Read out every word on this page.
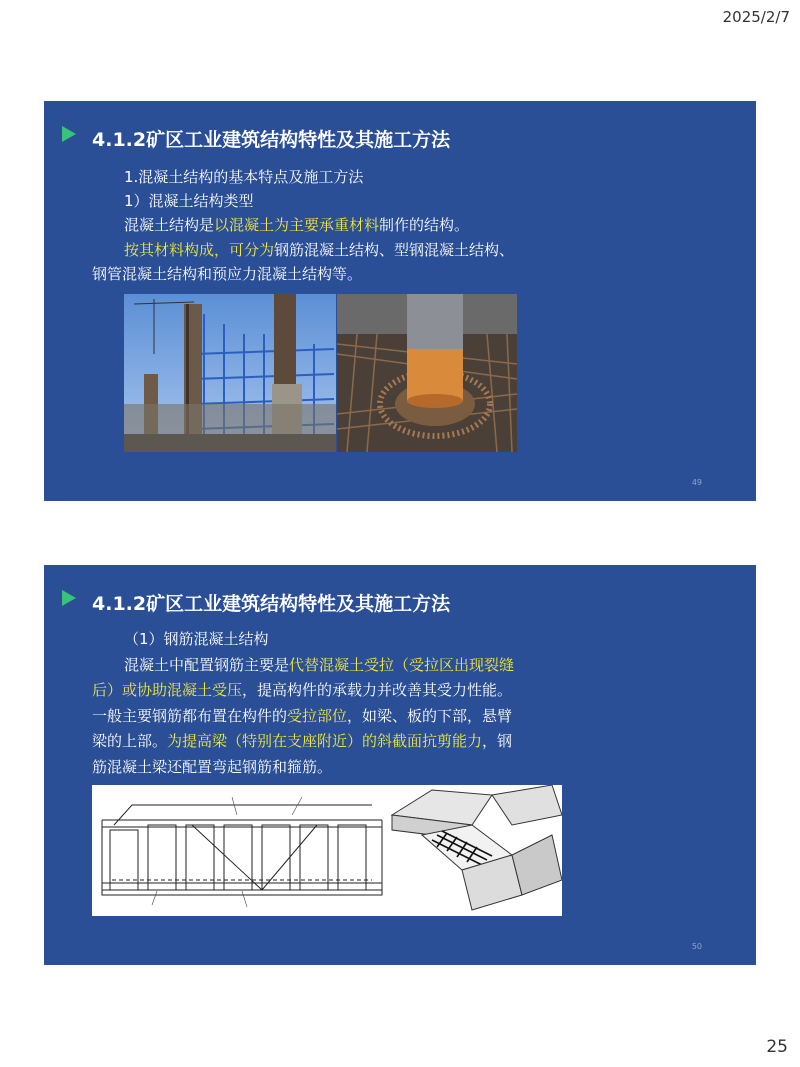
2025/2/7
4.1.2矿区工业建筑结构特性及其施工方法
1.混凝土结构的基本特点及施工方法
1）混凝土结构类型
混凝土结构是以混凝土为主要承重材料制作的结构。
按其材料构成，可分为钢筋混凝土结构、型钢混凝土结构、
钢管混凝土结构和预应力混凝土结构等。
49
4.1.2矿区工业建筑结构特性及其施工方法
（1）钢筋混凝土结构
混凝土中配置钢筋主要是代替混凝土受拉（受拉区出现裂缝
后）或协助混凝土受压，提高构件的承载力并改善其受力性能。
一般主要钢筋都布置在构件的受拉部位，如梁、板的下部，悬臂
梁的上部。为提高梁（特别在支座附近）的斜截面抗剪能力，钢
筋混凝土梁还配置弯起钢筋和箍筋。
50
25
